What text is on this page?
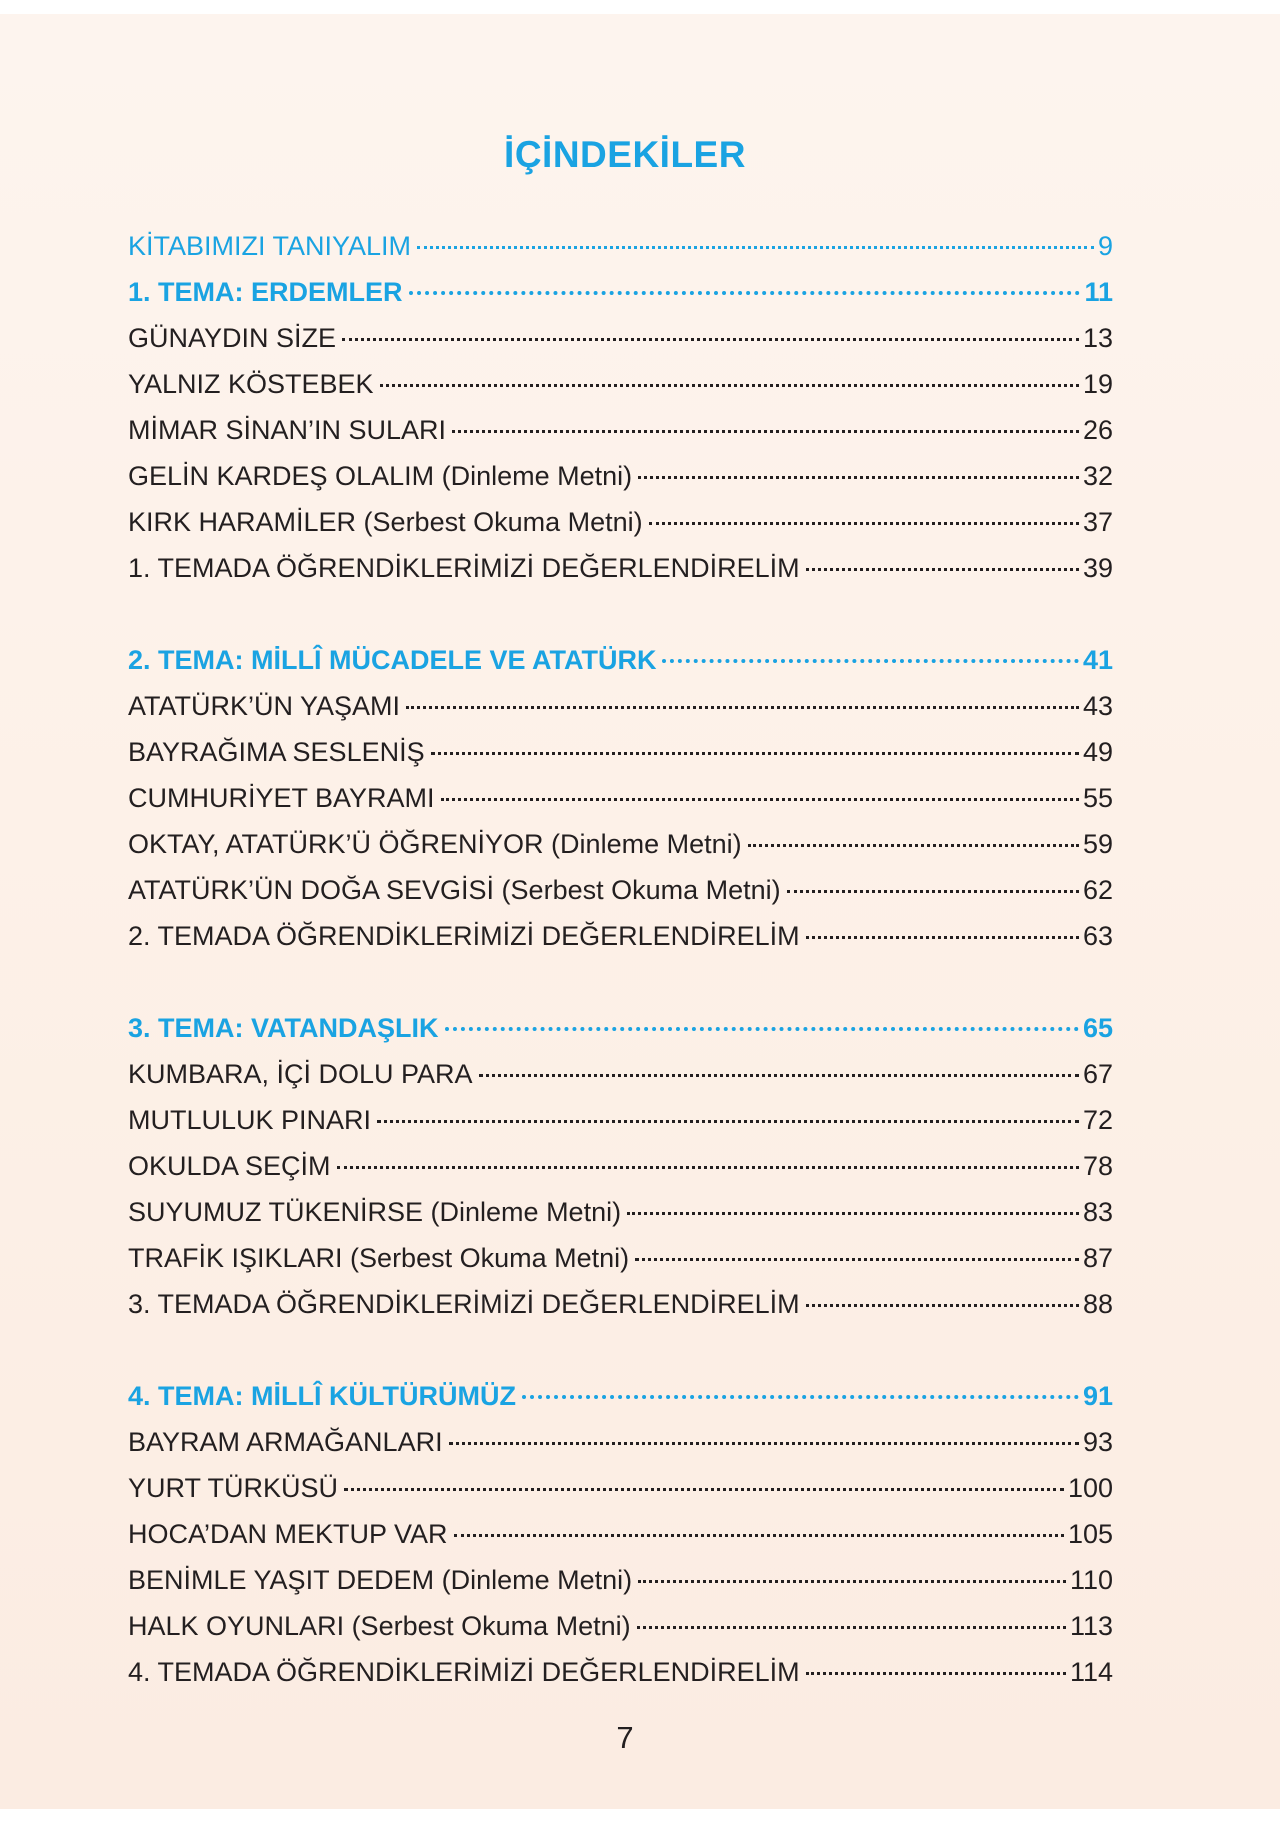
İÇİNDEKİLER
KİTABIMIZI TANIYALIM	9
1. TEMA: ERDEMLER	11
GÜNAYDIN SİZE	13
YALNIZ KÖSTEBEK	19
MİMAR SİNAN’IN SULARI	26
GELİN KARDEŞ OLALIM (Dinleme Metni)	32
KIRK HARAMİLER (Serbest Okuma Metni)	37
1. TEMADA ÖĞRENDİKLERİMİZİ DEĞERLENDİRELİM	39
2. TEMA: MİLLÎ MÜCADELE VE ATATÜRK	41
ATATÜRK’ÜN YAŞAMI	43
BAYRAĞIMA SESLENİŞ	49
CUMHURİYET BAYRAMI	55
OKTAY, ATATÜRK’Ü ÖĞRENİYOR (Dinleme Metni)	59
ATATÜRK’ÜN DOĞA SEVGİSİ (Serbest Okuma Metni)	62
2. TEMADA ÖĞRENDİKLERİMİZİ DEĞERLENDİRELİM	63
3. TEMA: VATANDAŞLIK	65
KUMBARA, İÇİ DOLU PARA	67
MUTLULUK PINARI	72
OKULDA SEÇİM	78
SUYUMUZ TÜKENİRSE (Dinleme Metni)	83
TRAFİK IŞIKLARI (Serbest Okuma Metni)	87
3. TEMADA ÖĞRENDİKLERİMİZİ DEĞERLENDİRELİM	88
4. TEMA: MİLLÎ KÜLTÜRÜMÜZ	91
BAYRAM ARMAĞANLARI	93
YURT TÜRKÜSÜ	100
HOCA’DAN MEKTUP VAR	105
BENİMLE YAŞIT DEDEM (Dinleme Metni)	110
HALK OYUNLARI (Serbest Okuma Metni)	113
4. TEMADA ÖĞRENDİKLERİMİZİ DEĞERLENDİRELİM	114
7
